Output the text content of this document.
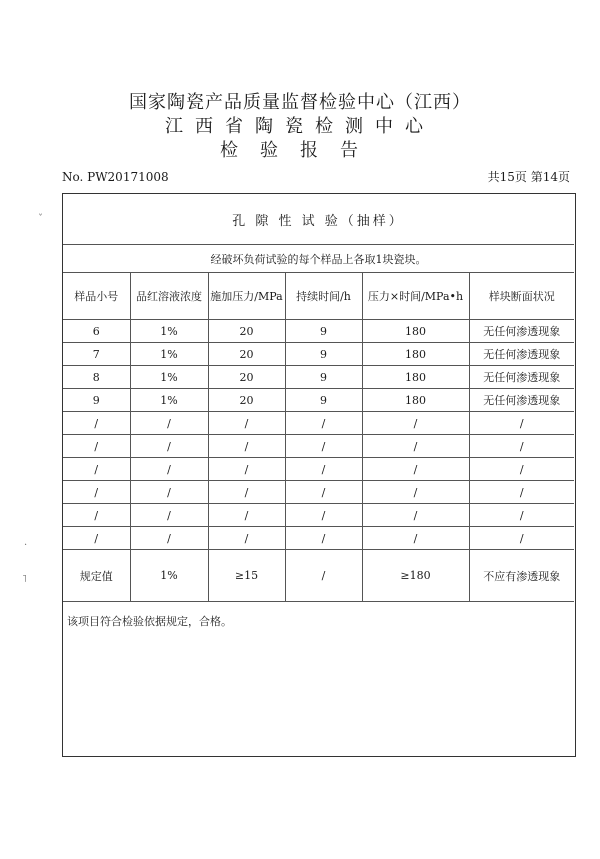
国家陶瓷产品质量监督检验中心（江西）
江西省陶瓷检测中心
检验报告
No. PW20171008	共15页 第14页
ˇ
·
˥
孔 隙 性 试 验（抽样）					
经破坏负荷试验的每个样品上各取1块瓷块。					
样品小号	品红溶液浓度	施加压力/MPa	持续时间/h	压力×时间/MPa•h	样块断面状况
6	1%	20	9	180	无任何渗透现象
7	1%	20	9	180	无任何渗透现象
8	1%	20	9	180	无任何渗透现象
9	1%	20	9	180	无任何渗透现象
/	/	/	/	/	/
/	/	/	/	/	/
/	/	/	/	/	/
/	/	/	/	/	/
/	/	/	/	/	/
/	/	/	/	/	/
规定值	1%	≥15	/	≥180	不应有渗透现象
该项目符合检验依据规定，合格。
